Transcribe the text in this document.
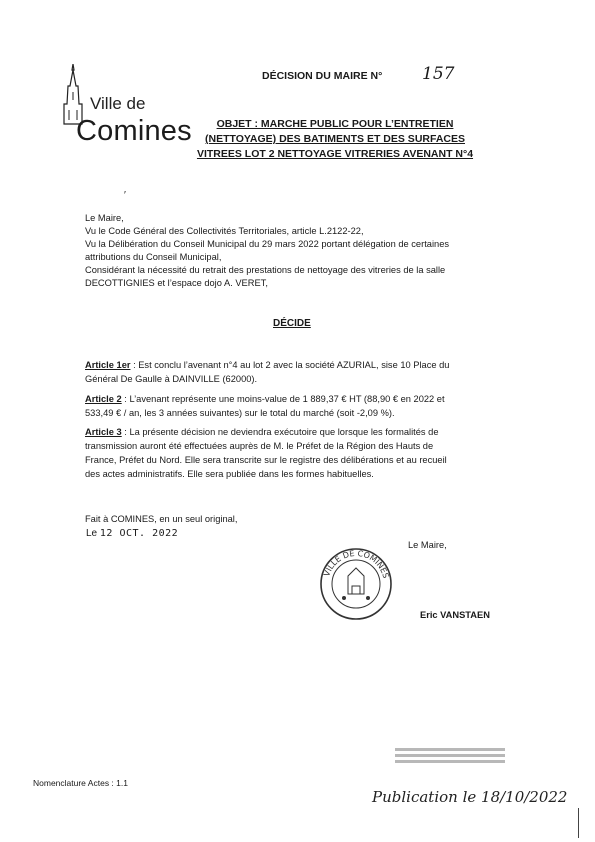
Ville de
Comines
DÉCISION DU MAIRE N° 157
OBJET : MARCHE PUBLIC POUR L’ENTRETIEN
(NETTOYAGE) DES BATIMENTS ET DES SURFACES
VITREES LOT 2 NETTOYAGE VITRERIES AVENANT N°4
′
Le Maire,
Vu le Code Général des Collectivités Territoriales, article L.2122-22,
Vu la Délibération du Conseil Municipal du 29 mars 2022 portant délégation de certaines
attributions du Conseil Municipal,
Considérant la nécessité du retrait des prestations de nettoyage des vitreries de la salle
DECOTTIGNIES et l’espace dojo A. VERET,
DÉCIDE
Article 1er : Est conclu l’avenant n°4 au lot 2 avec la société AZURIAL, sise 10 Place du
Général De Gaulle à DAINVILLE (62000).
Article 2 : L’avenant représente une moins-value de 1 889,37 € HT (88,90 € en 2022 et
533,49 € / an, les 3 années suivantes) sur le total du marché (soit -2,09 %).
Article 3 : La présente décision ne deviendra exécutoire que lorsque les formalités de
transmission auront été effectuées auprès de M. le Préfet de la Région des Hauts de
France, Préfet du Nord. Elle sera transcrite sur le registre des délibérations et au recueil
des actes administratifs. Elle sera publiée dans les formes habituelles.
Fait à COMINES, en un seul original,
Le 12 OCT. 2022
Le Maire,
VILLE DE COMINES
Eric VANSTAEN
Nomenclature Actes : 1.1
Publication le 18/10/2022
